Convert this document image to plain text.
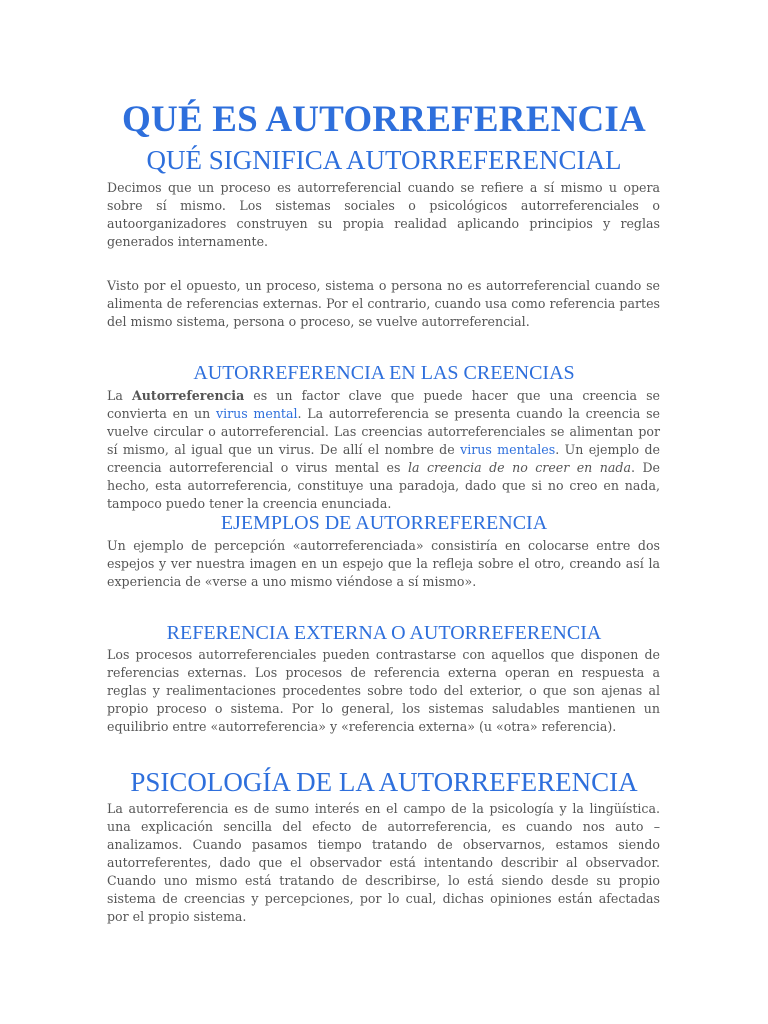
QUÉ ES AUTORREFERENCIA
QUÉ SIGNIFICA AUTORREFERENCIAL

Decimos que un proceso es autorreferencial cuando se refiere a sí mismo u opera sobre sí mismo. Los sistemas sociales o psicológicos autorreferenciales o autoorganizadores construyen su propia realidad aplicando principios y reglas generados internamente.

Visto por el opuesto, un proceso, sistema o persona no es autorreferencial cuando se alimenta de referencias externas. Por el contrario, cuando usa como referencia partes del mismo sistema, persona o proceso, se vuelve autorreferencial.

AUTORREFERENCIA EN LAS CREENCIAS

La Autorreferencia es un factor clave que puede hacer que una creencia se convierta en un virus mental. La autorreferencia se presenta cuando la creencia se vuelve circular o autorreferencial. Las creencias autorreferenciales se alimentan por sí mismo, al igual que un virus. De allí el nombre de virus mentales. Un ejemplo de creencia autorreferencial o virus mental es la creencia de no creer en nada. De hecho, esta autorreferencia, constituye una paradoja, dado que si no creo en nada, tampoco puedo tener la creencia enunciada.

EJEMPLOS DE AUTORREFERENCIA

Un ejemplo de percepción «autorreferenciada» consistiría en colocarse entre dos espejos y ver nuestra imagen en un espejo que la refleja sobre el otro, creando así la experiencia de «verse a uno mismo viéndose a sí mismo».

REFERENCIA EXTERNA O AUTORREFERENCIA

Los procesos autorreferenciales pueden contrastarse con aquellos que disponen de referencias externas. Los procesos de referencia externa operan en respuesta a reglas y realimentaciones procedentes sobre todo del exterior, o que son ajenas al propio proceso o sistema. Por lo general, los sistemas saludables mantienen un equilibrio entre «autorreferencia» y «referencia externa» (u «otra» referencia).

PSICOLOGÍA DE LA AUTORREFERENCIA

La autorreferencia es de sumo interés en el campo de la psicología y la lingüística. una explicación sencilla del efecto de autorreferencia, es cuando nos auto – analizamos. Cuando pasamos tiempo tratando de observarnos, estamos siendo autorreferentes, dado que el observador está intentando describir al observador. Cuando uno mismo está tratando de describirse, lo está siendo desde su propio sistema de creencias y percepciones, por lo cual, dichas opiniones están afectadas por el propio sistema.
